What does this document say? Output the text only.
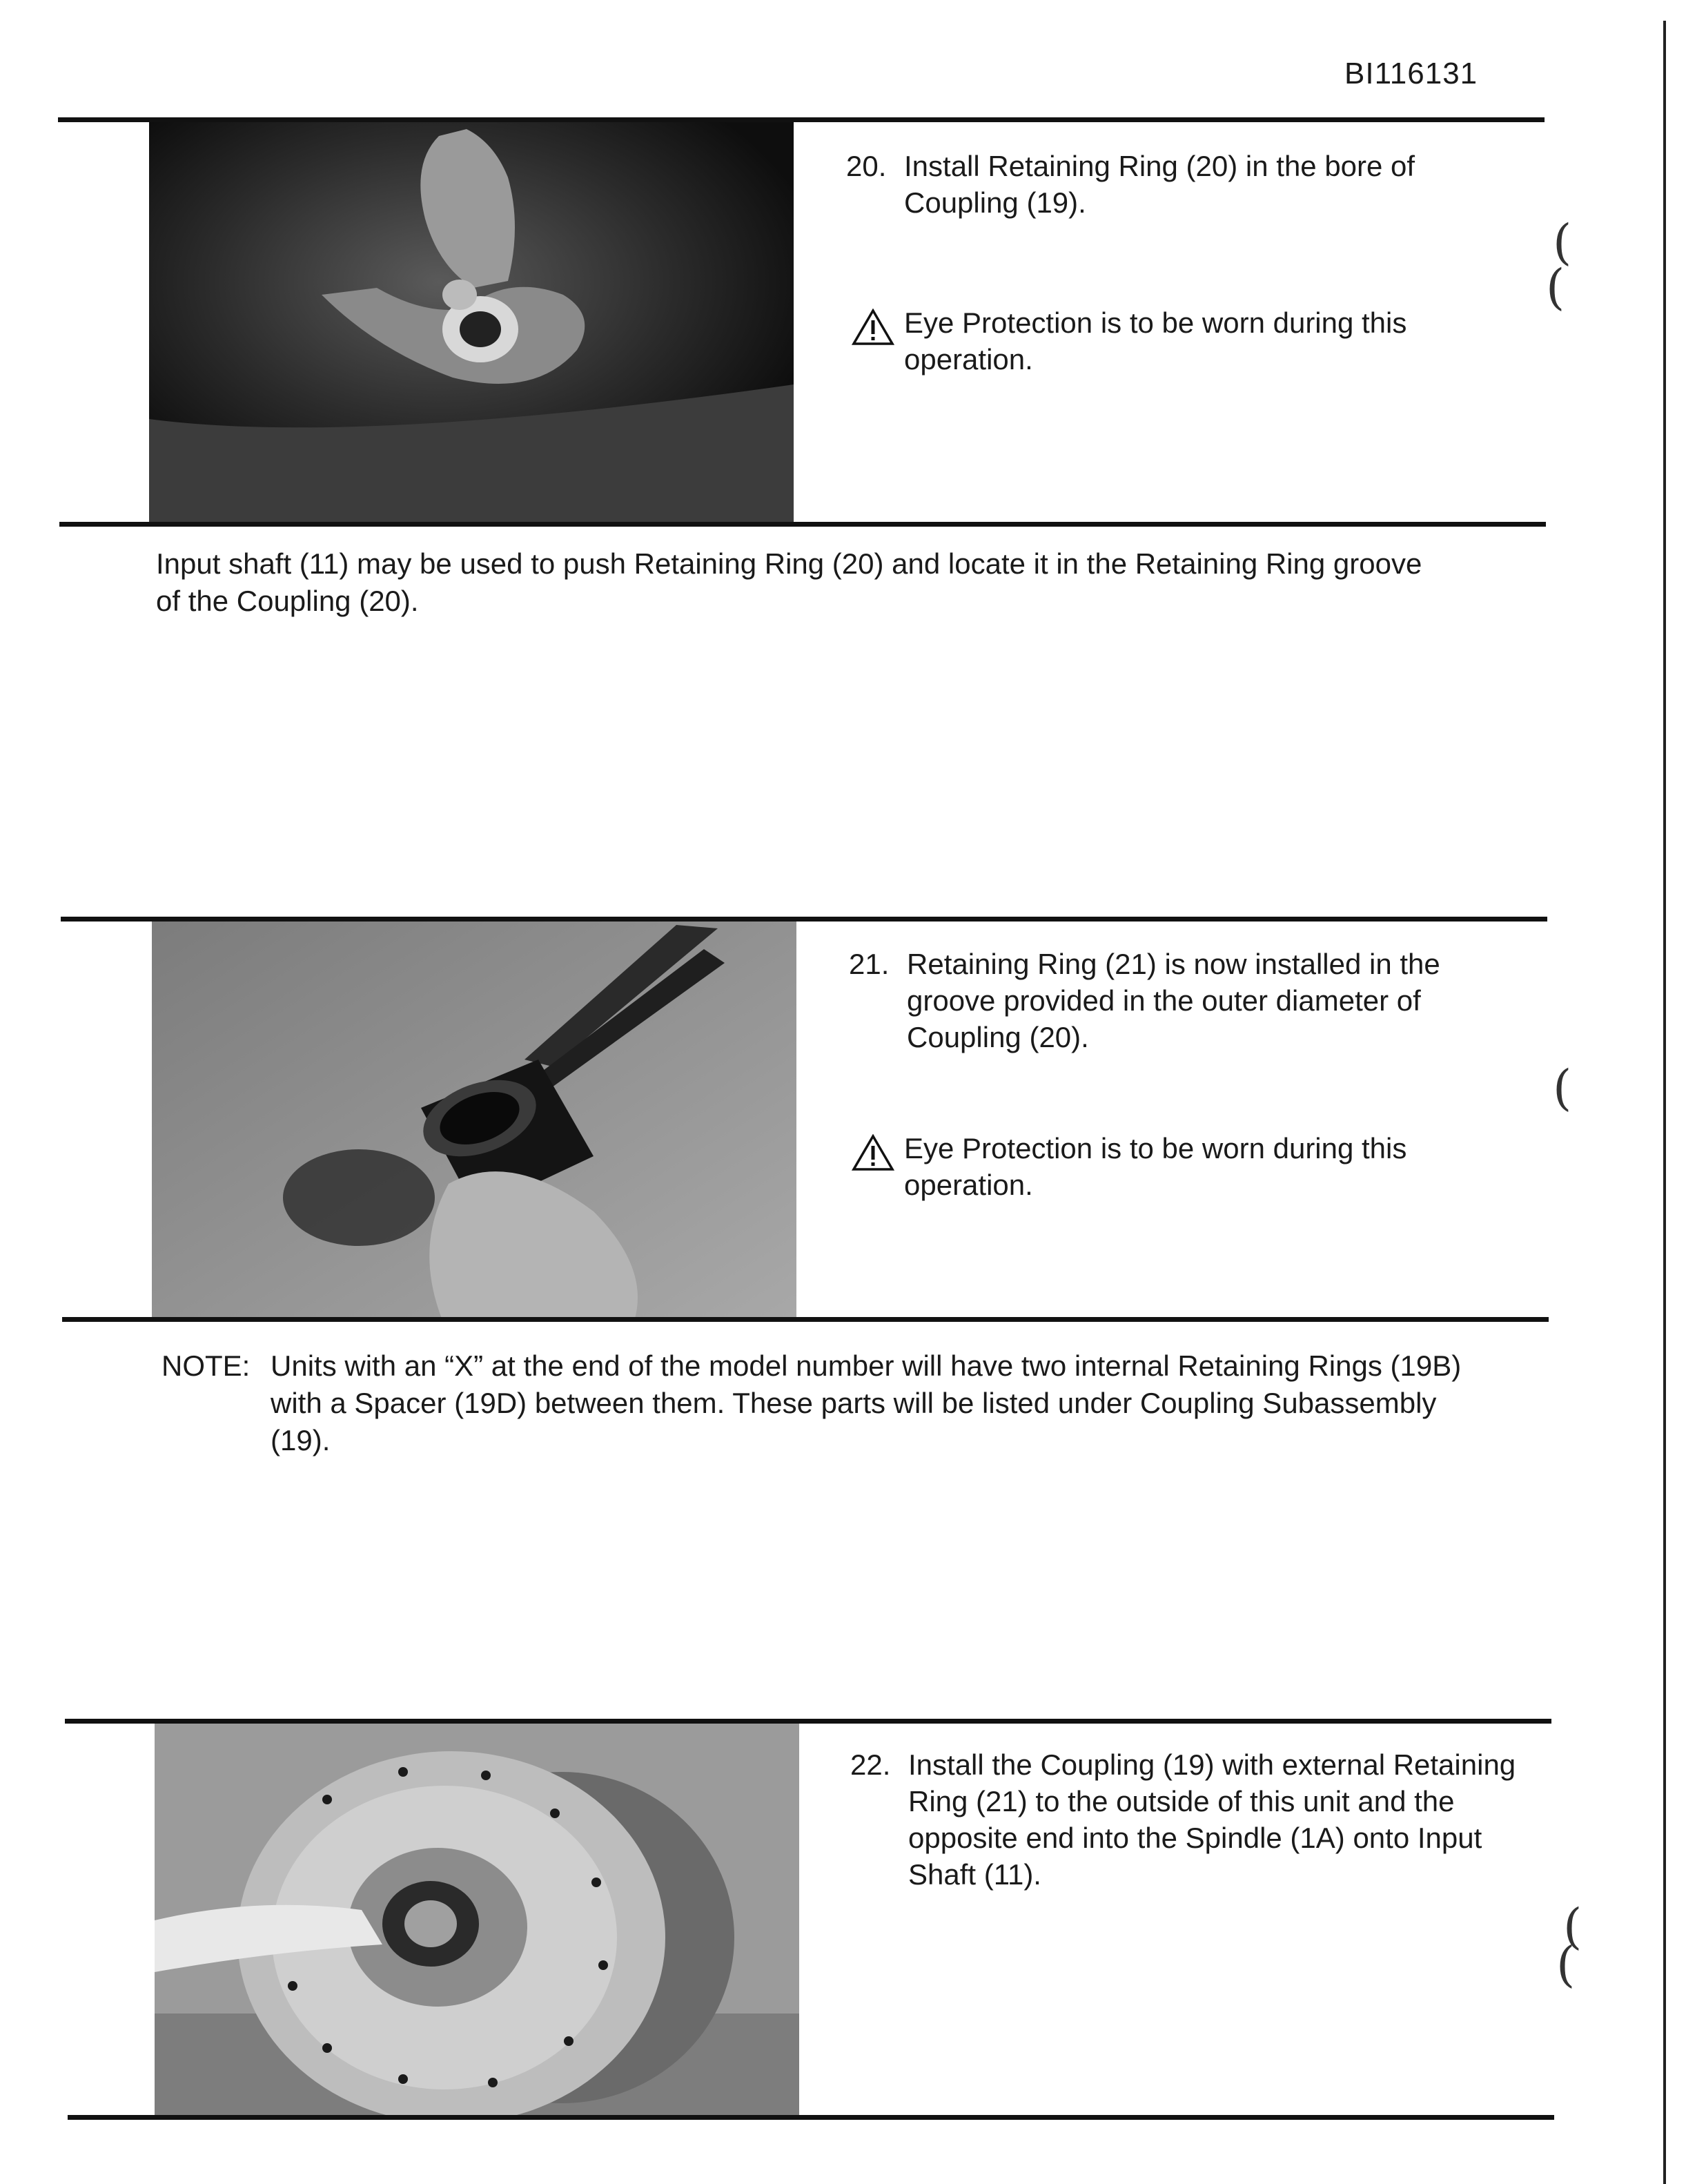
(
(
(
(
(
BI116131
20. Install Retaining Ring (20) in the bore of Coupling (19).
Eye Protection is to be worn during this operation.
Input shaft (11) may be used to push Retaining Ring (20) and locate it in the Retaining Ring groove of the Coupling (20).
21. Retaining Ring (21) is now installed in the groove provided in the outer diameter of Coupling (20).
Eye Protection is to be worn during this operation.
NOTE: Units with an “X” at the end of the model number will have two internal Retaining Rings (19B) with a Spacer (19D) between them. These parts will be listed under Coupling Subassembly (19).
22. Install the Coupling (19) with external Retaining Ring (21) to the outside of this unit and the opposite end into the Spindle (1A) onto Input Shaft (11).
